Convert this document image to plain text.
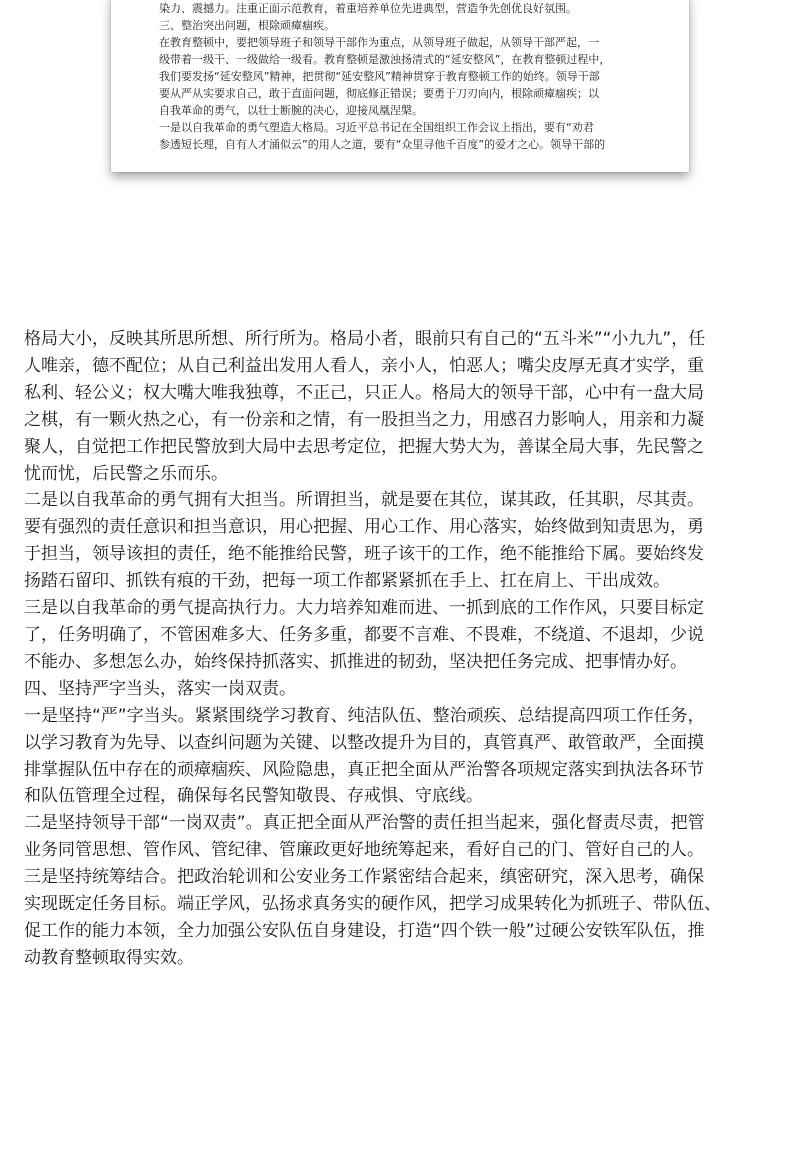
染力、震撼力。注重正面示范教育，着重培养单位先进典型，营造争先创优良好氛围。

三、整治突出问题，根除顽瘴痼疾。

在教育整顿中，要把领导班子和领导干部作为重点，从领导班子做起，从领导干部严起，一

级带着一级干、一级做给一级看。教育整顿是激浊扬清式的“延安整风”，在教育整顿过程中，

我们要发扬“延安整风”精神，把贯彻“延安整风”精神贯穿于教育整顿工作的始终。领导干部

要从严从实要求自己，敢于直面问题，彻底修正错误；要勇于刀刃向内，根除顽瘴痼疾；以

自我革命的勇气，以壮士断腕的决心，迎接凤凰涅槃。

一是以自我革命的勇气塑造大格局。习近平总书记在全国组织工作会议上指出，要有“劝君

参透短长理，自有人才涌似云”的用人之道，要有“众里寻他千百度”的爱才之心。领导干部的

格局大小，反映其所思所想、所行所为。格局小者，眼前只有自己的“五斗米”“小九九”，任

人唯亲，德不配位；从自己利益出发用人看人，亲小人，怕恶人；嘴尖皮厚无真才实学，重

私利、轻公义；权大嘴大唯我独尊，不正己，只正人。格局大的领导干部，心中有一盘大局

之棋，有一颗火热之心，有一份亲和之情，有一股担当之力，用感召力影响人，用亲和力凝

聚人，自觉把工作把民警放到大局中去思考定位，把握大势大为，善谋全局大事，先民警之

忧而忧，后民警之乐而乐。

二是以自我革命的勇气拥有大担当。所谓担当，就是要在其位，谋其政，任其职，尽其责。

要有强烈的责任意识和担当意识，用心把握、用心工作、用心落实，始终做到知责思为，勇

于担当，领导该担的责任，绝不能推给民警，班子该干的工作，绝不能推给下属。要始终发

扬踏石留印、抓铁有痕的干劲，把每一项工作都紧紧抓在手上、扛在肩上、干出成效。

三是以自我革命的勇气提高执行力。大力培养知难而进、一抓到底的工作作风，只要目标定

了，任务明确了，不管困难多大、任务多重，都要不言难、不畏难，不绕道、不退却，少说

不能办、多想怎么办，始终保持抓落实、抓推进的韧劲，坚决把任务完成、把事情办好。

四、坚持严字当头，落实一岗双责。

一是坚持“严”字当头。紧紧围绕学习教育、纯洁队伍、整治顽疾、总结提高四项工作任务，

以学习教育为先导、以查纠问题为关键、以整改提升为目的，真管真严、敢管敢严，全面摸

排掌握队伍中存在的顽瘴痼疾、风险隐患，真正把全面从严治警各项规定落实到执法各环节

和队伍管理全过程，确保每名民警知敬畏、存戒惧、守底线。

二是坚持领导干部“一岗双责”。真正把全面从严治警的责任担当起来，强化督责尽责，把管

业务同管思想、管作风、管纪律、管廉政更好地统筹起来，看好自己的门、管好自己的人。

三是坚持统筹结合。把政治轮训和公安业务工作紧密结合起来，缜密研究，深入思考，确保

实现既定任务目标。端正学风，弘扬求真务实的硬作风，把学习成果转化为抓班子、带队伍、

促工作的能力本领，全力加强公安队伍自身建设，打造“四个铁一般”过硬公安铁军队伍，推

动教育整顿取得实效。
